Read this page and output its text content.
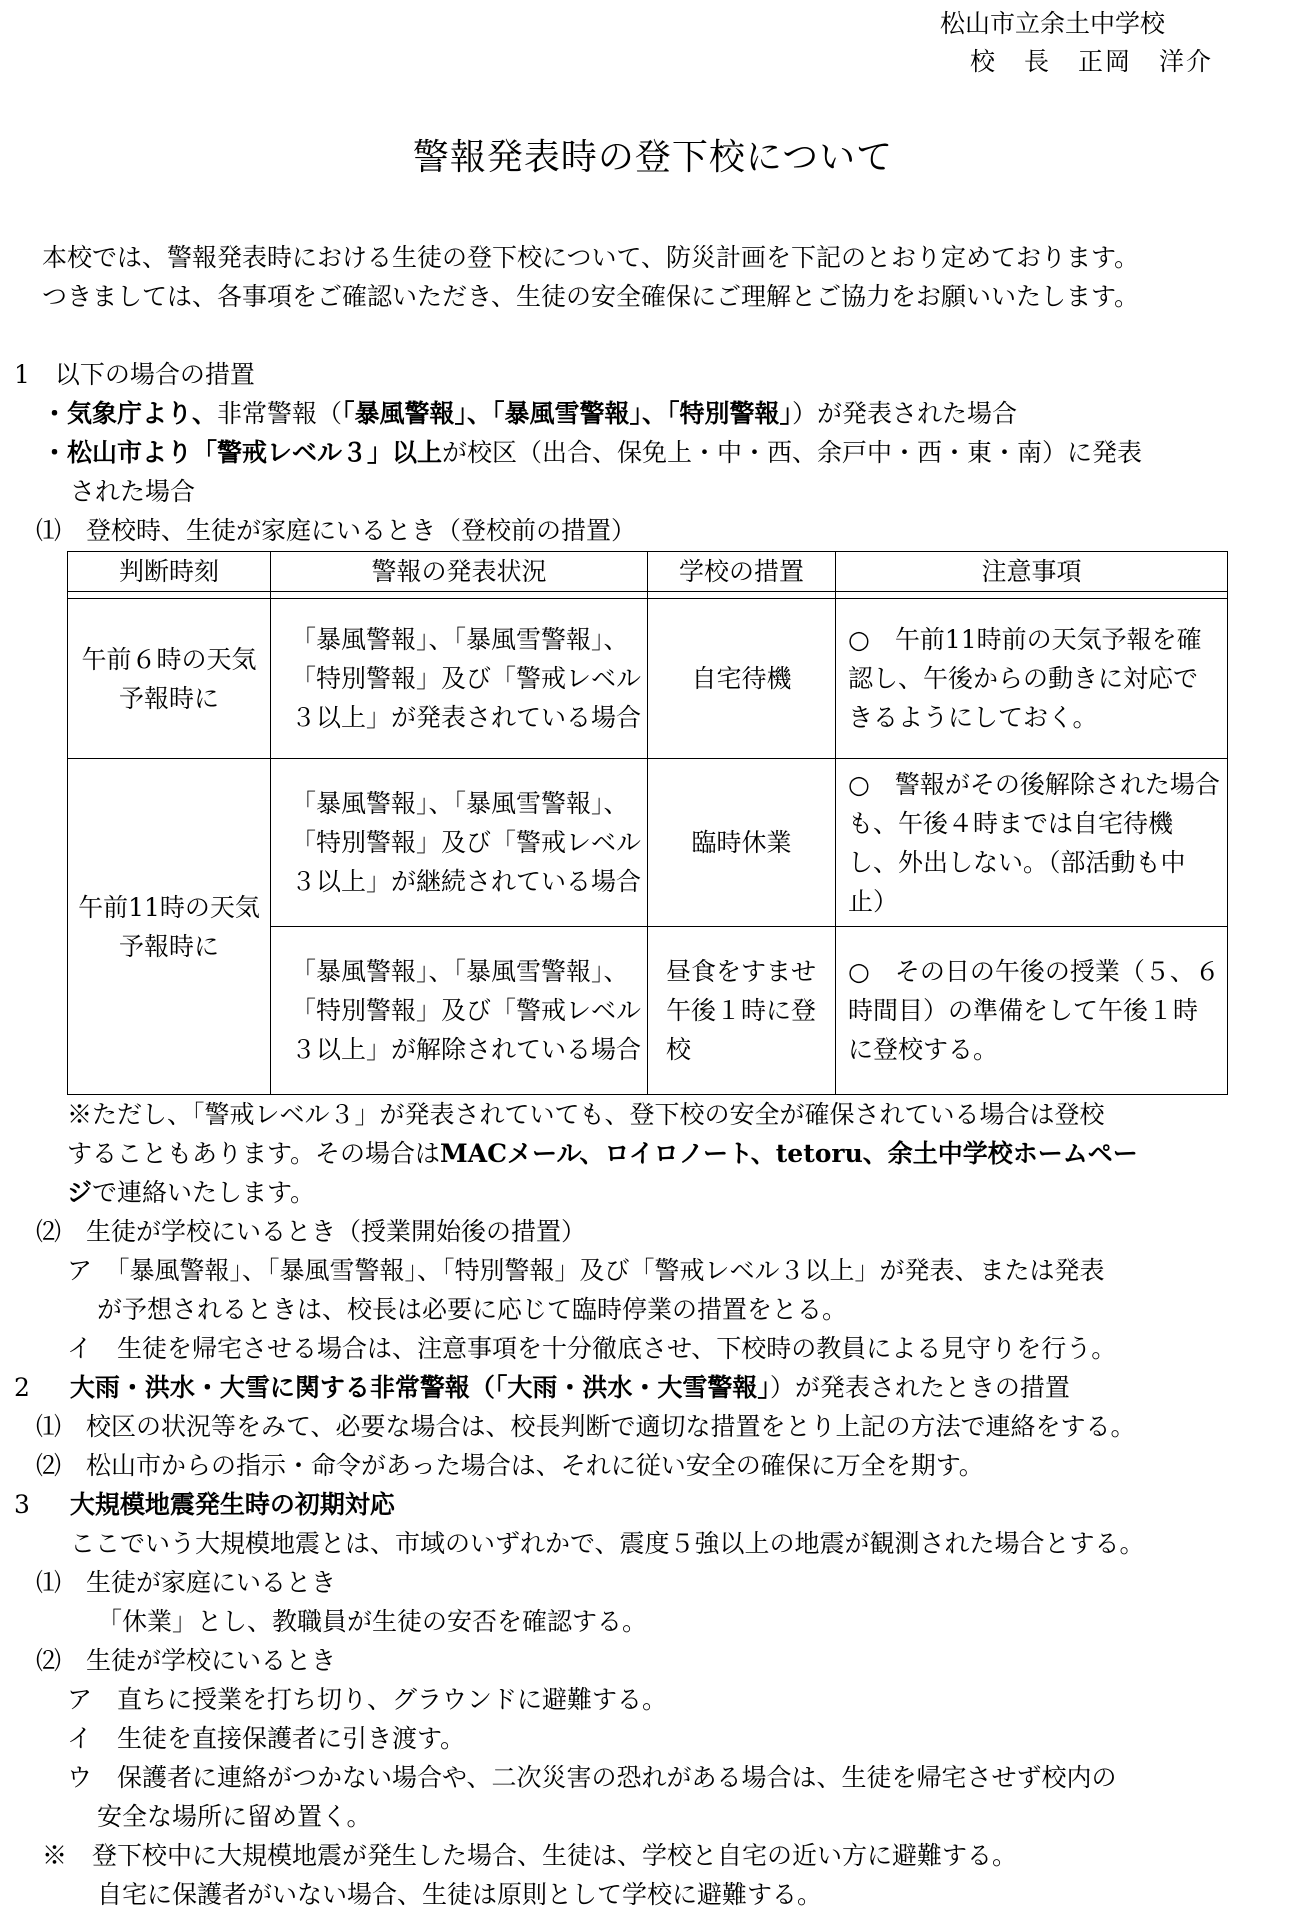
松山市立余土中学校
校　長　正岡　洋介
警報発表時の登下校について
本校では、警報発表時における生徒の登下校について、防災計画を下記のとおり定めております。
つきましては、各事項をご確認いただき、生徒の安全確保にご理解とご協力をお願いいたします。
1　以下の場合の措置
・気象庁より、非常警報（「暴風警報」、「暴風雪警報」、「特別警報」）が発表された場合
・松山市より「警戒レベル３」以上が校区（出合、保免上・中・西、余戸中・西・東・南）に発表
された場合
⑴　登校時、生徒が家庭にいるとき（登校前の措置）
判断時刻	警報の発表状況	学校の措置	注意事項

午前６時の天気予報時に	「暴風警報」、「暴風雪警報」、「特別警報」及び「警戒レベル３以上」が発表されている場合	自宅待機	○　午前11時前の天気予報を確認し、午後からの動きに対応できるようにしておく。
午前11時の天気予報時に	「暴風警報」、「暴風雪警報」、「特別警報」及び「警戒レベル３以上」が継続されている場合	臨時休業	○　警報がその後解除された場合も、午後４時までは自宅待機し、外出しない。（部活動も中止）
	「暴風警報」、「暴風雪警報」、「特別警報」及び「警戒レベル３以上」が解除されている場合	昼食をすませ午後１時に登校	○　その日の午後の授業（５、６時間目）の準備をして午後１時に登校する。
※ただし、「警戒レベル３」が発表されていても、登下校の安全が確保されている場合は登校
することもあります。その場合はMACメール、ロイロノート、tetoru、余土中学校ホームペー
ジで連絡いたします。
⑵　生徒が学校にいるとき（授業開始後の措置）
ア　「暴風警報」、「暴風雪警報」、「特別警報」及び「警戒レベル３以上」が発表、または発表
が予想されるときは、校長は必要に応じて臨時停業の措置をとる。
イ　生徒を帰宅させる場合は、注意事項を十分徹底させ、下校時の教員による見守りを行う。
2 大雨・洪水・大雪に関する非常警報（「大雨・洪水・大雪警報」）が発表されたときの措置
⑴　校区の状況等をみて、必要な場合は、校長判断で適切な措置をとり上記の方法で連絡をする。
⑵　松山市からの指示・命令があった場合は、それに従い安全の確保に万全を期す。
3 大規模地震発生時の初期対応
ここでいう大規模地震とは、市域のいずれかで、震度５強以上の地震が観測された場合とする。
⑴　生徒が家庭にいるとき
「休業」とし、教職員が生徒の安否を確認する。
⑵　生徒が学校にいるとき
ア　直ちに授業を打ち切り、グラウンドに避難する。
イ　生徒を直接保護者に引き渡す。
ウ　保護者に連絡がつかない場合や、二次災害の恐れがある場合は、生徒を帰宅させず校内の
安全な場所に留め置く。
※　登下校中に大規模地震が発生した場合、生徒は、学校と自宅の近い方に避難する。
自宅に保護者がいない場合、生徒は原則として学校に避難する。
